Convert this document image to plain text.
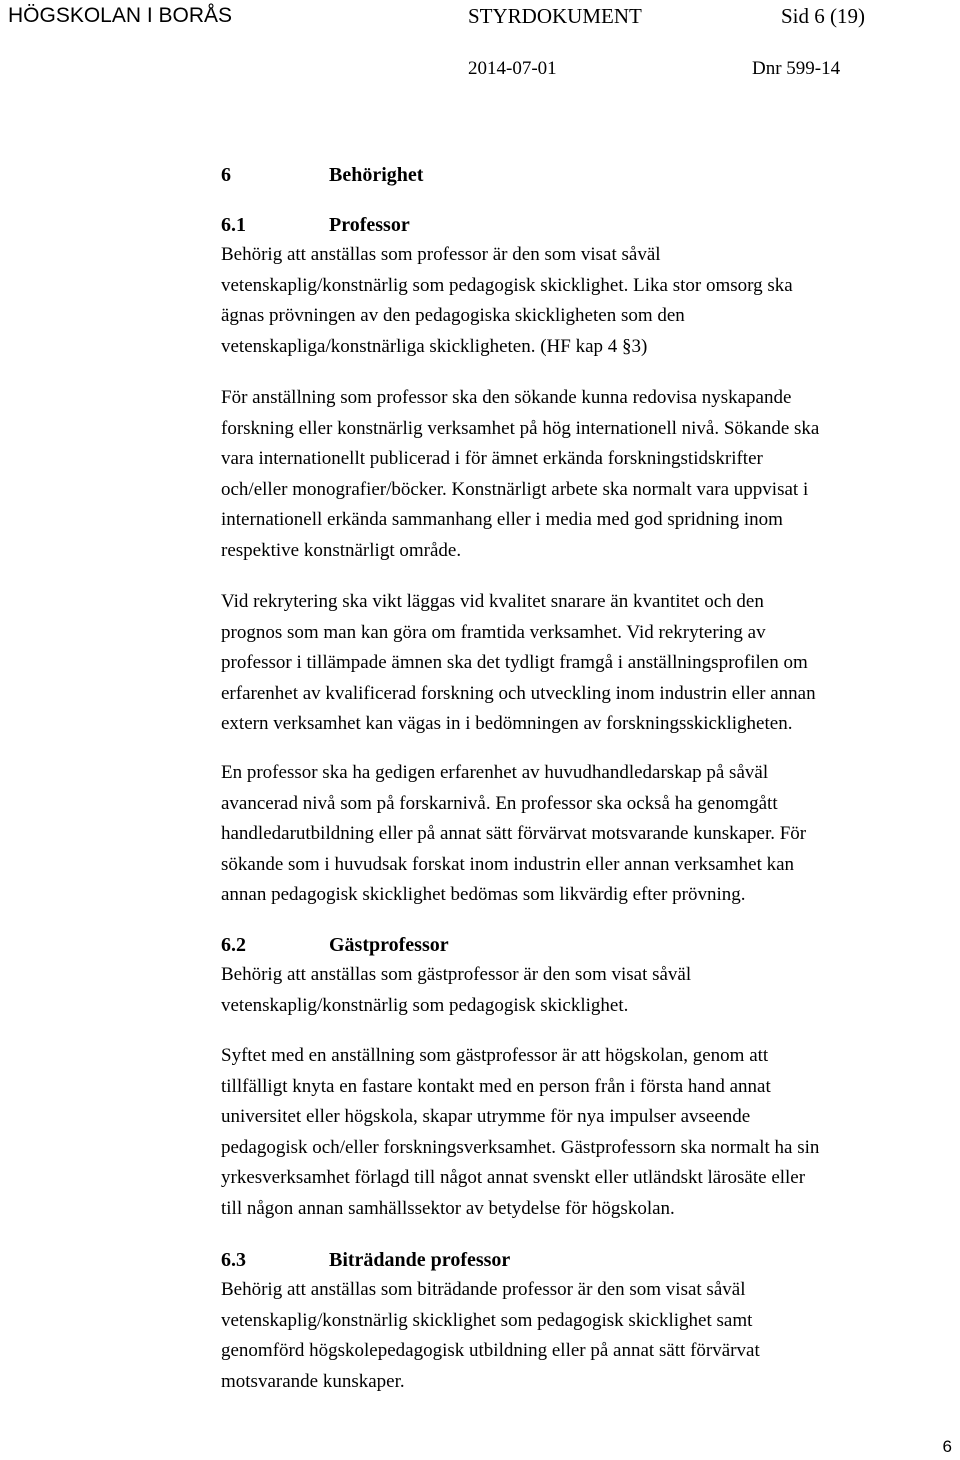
HÖGSKOLAN I BORÅS	STYRDOKUMENT	Sid 6 (19)
2014-07-01	Dnr 599-14

6	Behörighet

6.1	Professor

Behörig att anställas som professor är den som visat såväl
vetenskaplig/konstnärlig som pedagogisk skicklighet. Lika stor omsorg ska
ägnas prövningen av den pedagogiska skickligheten som den
vetenskapliga/konstnärliga skickligheten. (HF kap 4 §3)

För anställning som professor ska den sökande kunna redovisa nyskapande
forskning eller konstnärlig verksamhet på hög internationell nivå. Sökande ska
vara internationellt publicerad i för ämnet erkända forskningstidskrifter
och/eller monografier/böcker. Konstnärligt arbete ska normalt vara uppvisat i
internationell erkända sammanhang eller i media med god spridning inom
respektive konstnärligt område.

Vid rekrytering ska vikt läggas vid kvalitet snarare än kvantitet och den
prognos som man kan göra om framtida verksamhet. Vid rekrytering av
professor i tillämpade ämnen ska det tydligt framgå i anställningsprofilen om
erfarenhet av kvalificerad forskning och utveckling inom industrin eller annan
extern verksamhet kan vägas in i bedömningen av forskningsskickligheten.

En professor ska ha gedigen erfarenhet av huvudhandledarskap på såväl
avancerad nivå som på forskarnivå. En professor ska också ha genomgått
handledarutbildning eller på annat sätt förvärvat motsvarande kunskaper. För
sökande som i huvudsak forskat inom industrin eller annan verksamhet kan
annan pedagogisk skicklighet bedömas som likvärdig efter prövning.

6.2	Gästprofessor

Behörig att anställas som gästprofessor är den som visat såväl
vetenskaplig/konstnärlig som pedagogisk skicklighet.

Syftet med en anställning som gästprofessor är att högskolan, genom att
tillfälligt knyta en fastare kontakt med en person från i första hand annat
universitet eller högskola, skapar utrymme för nya impulser avseende
pedagogisk och/eller forskningsverksamhet. Gästprofessorn ska normalt ha sin
yrkesverksamhet förlagd till något annat svenskt eller utländskt lärosäte eller
till någon annan samhällssektor av betydelse för högskolan.

6.3	Biträdande professor

Behörig att anställas som biträdande professor är den som visat såväl
vetenskaplig/konstnärlig skicklighet som pedagogisk skicklighet samt
genomförd högskolepedagogisk utbildning eller på annat sätt förvärvat
motsvarande kunskaper.

6
